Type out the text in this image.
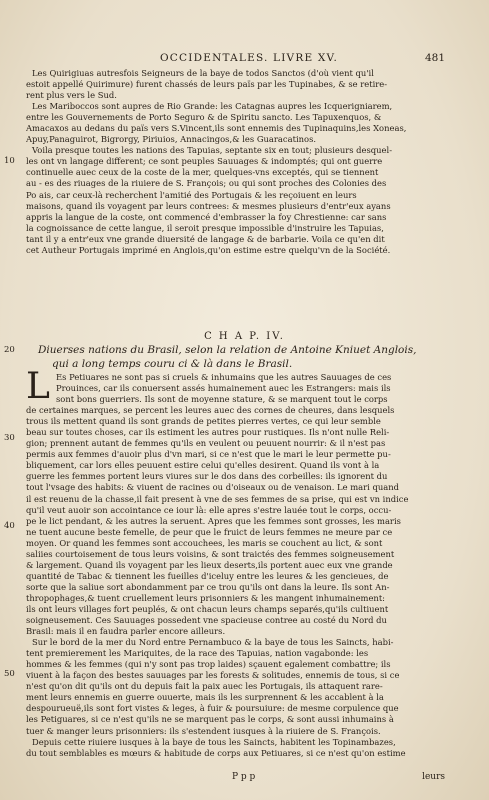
OCCIDENTALES. LIVRE XV.	481
Les Quirigiuas autresfois Seigneurs de la baye de todos Sanctos (d'où vient qu'il
estoit appellé Quirimure) furent chassés de leurs païs par les Tupinabes, & se retire-
rent plus vers le Sud.
Les Mariboccos sont aupres de Rio Grande: les Catagnas aupres les Icquerigniarem,
entre les Gouvernements de Porto Seguro & de Spiritu sancto. Les Tapuxenquos, &
Amacaxos au dedans du païs vers S.Vincent,ils sont ennemis des Tupinaquins,les Xoneas,
Apuy,Panaguirot, Bigrorgy, Piriuios, Annacingos,& les Guaracatinos.
Voila presque toutes les nations des Tapuias, septante six en tout; plusieurs desquel-
les ont vn langage different; ce sont peuples Sauuages & indomptés; qui ont guerre
continuelle auec ceux de la coste de la mer, quelques-vns exceptés, qui se tiennent
au - es des riuages de la riuiere de S. François; ou qui sont proches des Colonies des
Po ais, car ceux-là recherchent l'amitié des Portugais & les reçoiuent en leurs
maisons, quand ils voyagent par leurs contrees: & mesmes plusieurs d'entr'eux ayans
appris la langue de la coste, ont commencé d'embrasser la foy Chrestienne: car sans
la cognoissance de cette langue, il seroit presque impossible d'instruire les Tapuias,
tant il y a entr'eux vne grande diuersité de langage & de barbarie. Voila ce qu'en dit
cet Autheur Portugais imprimé en Anglois,qu'on estime estre quelqu'vn de la Société.
10
20
30
40
50
C H A P. IV.
Diuerses nations du Brasil, selon la relation de Antoine Kniuet Anglois,
qui a long temps couru ci & là dans le Brasil.
L Es Petiuares ne sont pas si cruels & inhumains que les autres Sauuages de ces
Prouinces, car ils conuersent assés humainement auec les Estrangers: mais ils
sont bons guerriers. Ils sont de moyenne stature, & se marquent tout le corps
de certaines marques, se percent les leures auec des cornes de cheures, dans lesquels
trous ils mettent quand ils sont grands de petites pierres vertes, ce qui leur semble
beau sur toutes choses, car ils estiment les autres pour rustiques. Ils n'ont nulle Reli-
gion; prennent autant de femmes qu'ils en veulent ou peuuent nourrir: & il n'est pas
permis aux femmes d'auoir plus d'vn mari, si ce n'est que le mari le leur permette pu-
bliquement, car lors elles peuuent estire celui qu'elles desirent. Quand ils vont à la
guerre les femmes portent leurs viures sur le dos dans des corbeilles: ils ignorent du
tout l'vsage des habits: & viuent de racines ou d'oiseaux ou de venaison. Le mari quand
il est reuenu de la chasse,il fait present à vne de ses femmes de sa prise, qui est vn indice
qu'il veut auoir son accointance ce iour là: elle apres s'estre lauée tout le corps, occu-
pe le lict pendant, & les autres la seruent. Apres que les femmes sont grosses, les maris
ne tuent aucune beste femelle, de peur que le fruict de leurs femmes ne meure par ce
moyen. Or quand les femmes sont accouchees, les maris se couchent au lict, & sont
saliies courtoisement de tous leurs voisins, & sont traictés des femmes soigneusement
& largement. Quand ils voyagent par les lieux deserts,ils portent auec eux vne grande
quantité de Tabac & tiennent les fueilles d'iceluy entre les leures & les gencieues, de
sorte que la saliue sort abondamment par ce trou qu'ils ont dans la leure. Ils sont An-
thropophages,& tuent cruellement leurs prisonniers & les mangent inhumainement:
ils ont leurs villages fort peuplés, & ont chacun leurs champs separés,qu'ils cultiuent
soigneusement. Ces Sauuages possedent vne spacieuse contree au costé du Nord du
Brasil: mais il en faudra parler encore ailleurs.
Sur le bord de la mer du Nord entre Pernambuco & la baye de tous les Saincts, habi-
tent premierement les Mariquites, de la race des Tapuias, nation vagabonde: les
hommes & les femmes (qui n'y sont pas trop laides) sçauent egalement combattre; ils
viuent à la façon des bestes sauuages par les forests & solitudes, ennemis de tous, si ce
n'est qu'on dit qu'ils ont du depuis fait la paix auec les Portugais, ils attaquent rare-
ment leurs ennemis en guerre ouuerte, mais ils les surprennent & les accablent à la
despourueuë,ils sont fort vistes & leges, à fuir & poursuiure: de mesme corpulence que
les Petiguares, si ce n'est qu'ils ne se marquent pas le corps, & sont aussi inhumains à
tuer & manger leurs prisonniers: ils s'estendent iusques à la riuiere de S. François.
Depuis cette riuiere iusques à la baye de tous les Saincts, habitent les Topinambazes,
du tout semblables es mœurs & habitude de corps aux Petiuares, si ce n'est qu'on estime
P p p	leurs
